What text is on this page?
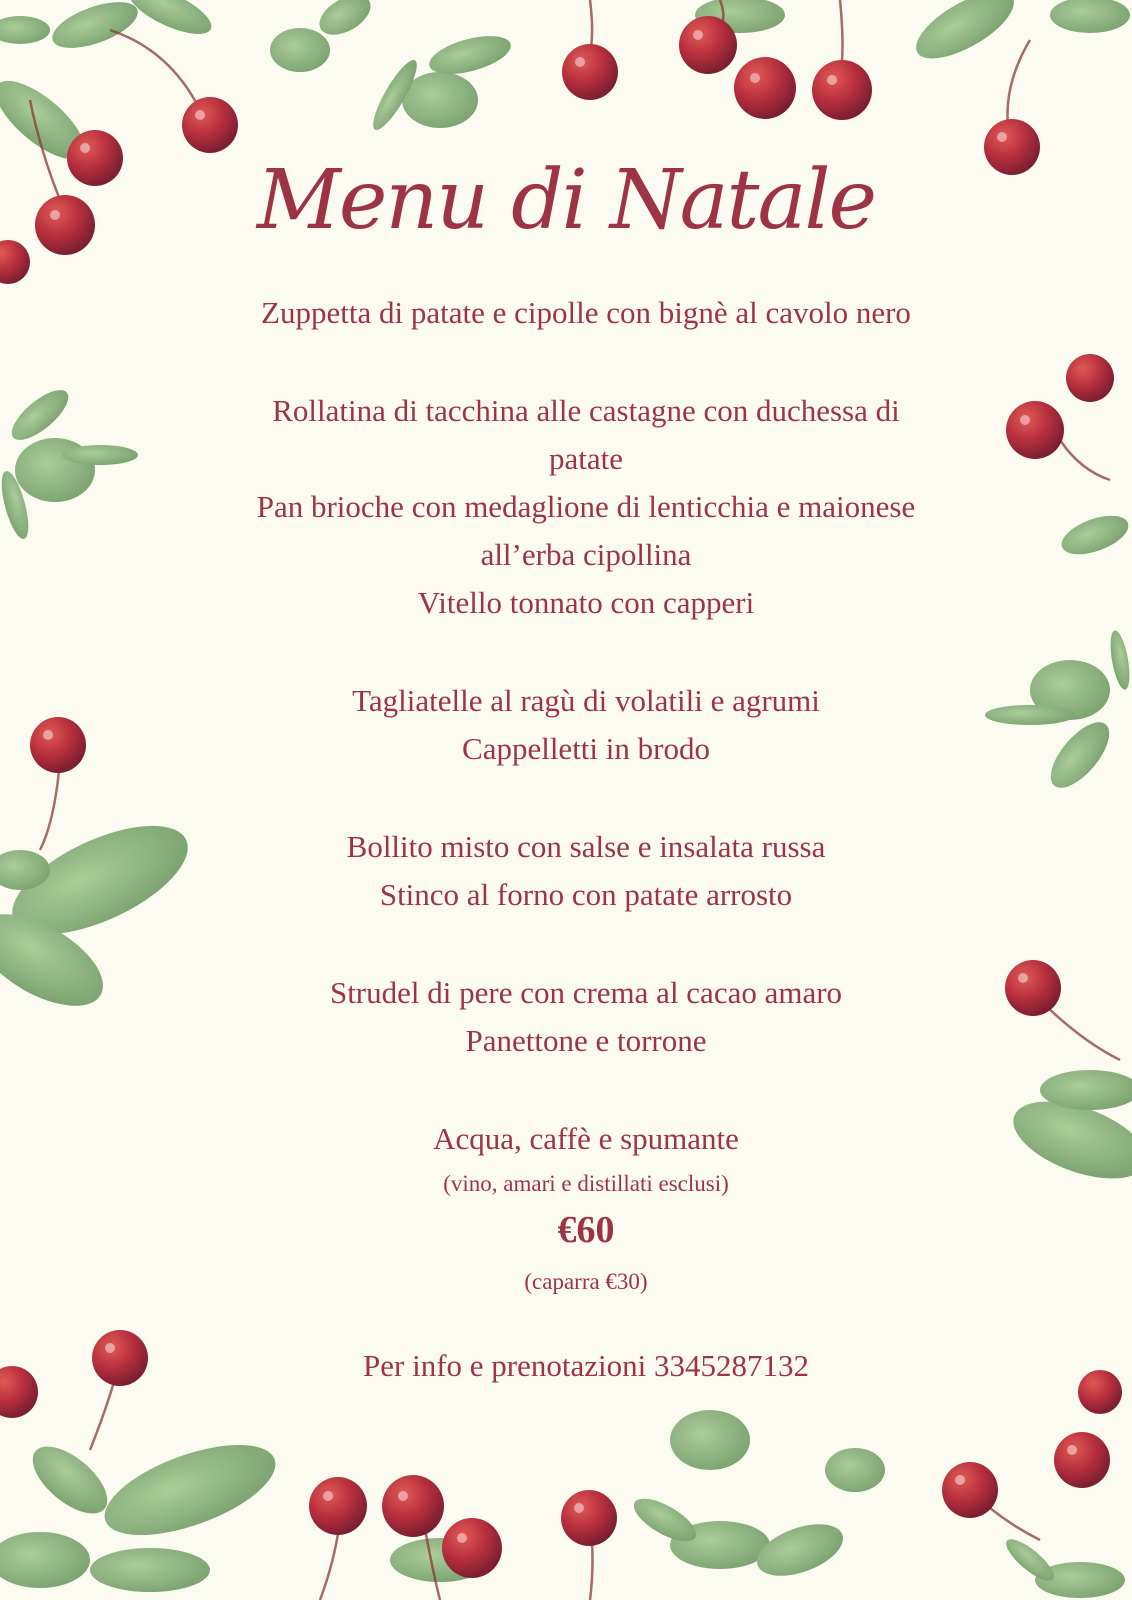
Menu di Natale
Zuppetta di patate e cipolle con bignè al cavolo nero
Rollatina di tacchina alle castagne con duchessa di
patate
Pan brioche con medaglione di lenticchia e maionese
all’erba cipollina
Vitello tonnato con capperi
Tagliatelle al ragù di volatili e agrumi
Cappelletti in brodo
Bollito misto con salse e insalata russa
Stinco al forno con patate arrosto
Strudel di pere con crema al cacao amaro
Panettone e torrone
Acqua, caffè e spumante
(vino, amari e distillati esclusi)
€60
(caparra €30)
Per info e prenotazioni 3345287132
